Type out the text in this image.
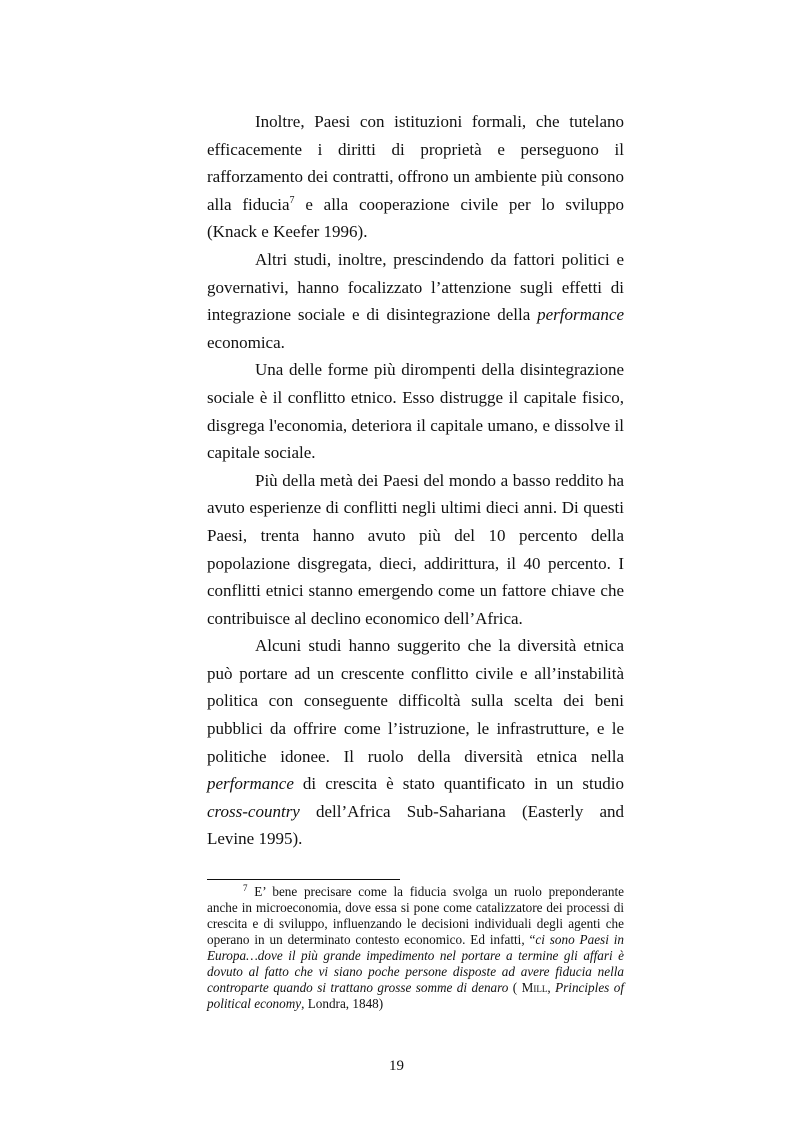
Inoltre, Paesi con istituzioni formali, che tutelano efficacemente i diritti di proprietà e perseguono il rafforzamento dei contratti, offrono un ambiente più consono alla fiducia$^7$ e alla cooperazione civile per lo sviluppo (Knack e Keefer 1996).

Altri studi, inoltre, prescindendo da fattori politici e governativi, hanno focalizzato l’attenzione sugli effetti di integrazione sociale e di disintegrazione della performance economica.

Una delle forme più dirompenti della disintegrazione sociale è il conflitto etnico. Esso distrugge il capitale fisico, disgrega l'economia, deteriora il capitale umano, e dissolve il capitale sociale.

Più della metà dei Paesi del mondo a basso reddito ha avuto esperienze di conflitti negli ultimi dieci anni. Di questi Paesi, trenta hanno avuto più del 10 percento della popolazione disgregata, dieci, addirittura, il 40 percento. I conflitti etnici stanno emergendo come un fattore chiave che contribuisce al declino economico dell’Africa.

Alcuni studi hanno suggerito che la diversità etnica può portare ad un crescente conflitto civile e all’instabilità politica con conseguente difficoltà sulla scelta dei beni pubblici da offrire come l’istruzione, le infrastrutture, e le politiche idonee. Il ruolo della diversità etnica nella performance di crescita è stato quantificato in un studio cross-country dell’Africa Sub-Sahariana (Easterly and Levine 1995).

$^7$ E’ bene precisare come la fiducia svolga un ruolo preponderante anche in microeconomia, dove essa si pone come catalizzatore dei processi di crescita e di sviluppo, influenzando le decisioni individuali degli agenti che operano in un determinato contesto economico. Ed infatti, “ci sono Paesi in Europa…dove il più grande impedimento nel portare a termine gli affari è dovuto al fatto che vi siano poche persone disposte ad avere fiducia nella controparte quando si trattano grosse somme di denaro ( Mill, Principles of political economy, Londra, 1848)

19
